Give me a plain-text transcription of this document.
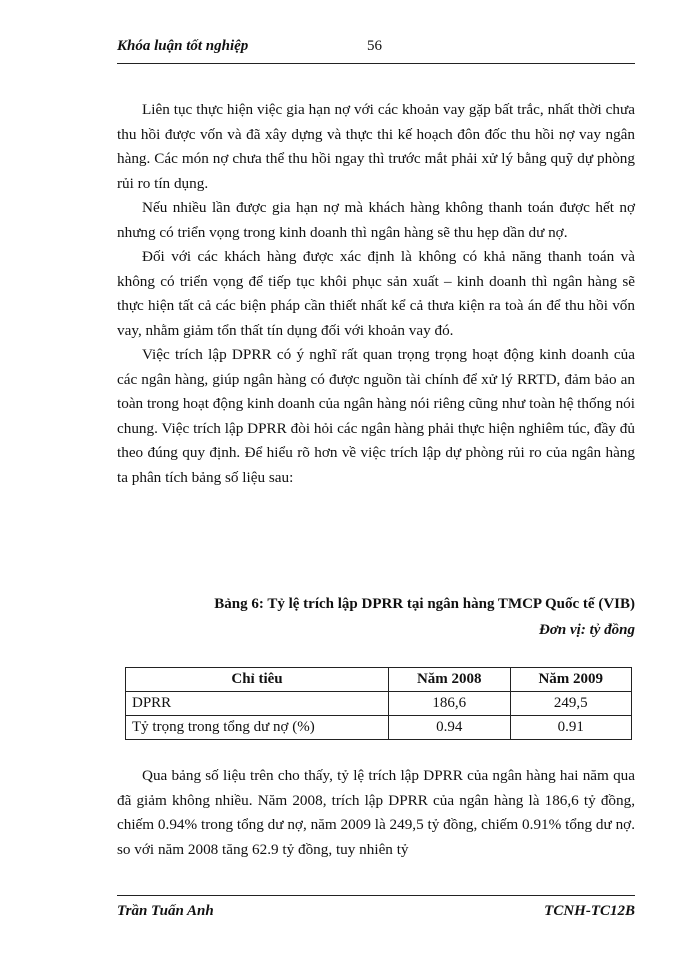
Khóa luận tốt nghiệp	56

Liên tục thực hiện việc gia hạn nợ với các khoản vay gặp bất trắc, nhất thời chưa thu hồi được vốn và đã xây dựng và thực thi kế hoạch đôn đốc thu hồi nợ vay ngân hàng. Các món nợ chưa thể thu hồi ngay thì trước mắt phải xử lý bằng quỹ dự phòng rủi ro tín dụng.

Nếu nhiều lần được gia hạn nợ mà khách hàng không thanh toán được hết nợ nhưng có triển vọng trong kinh doanh thì ngân hàng sẽ thu hẹp dần dư nợ.

Đối với các khách hàng được xác định là không có khả năng thanh toán và không có triển vọng để tiếp tục khôi phục sản xuất – kinh doanh thì ngân hàng sẽ thực hiện tất cả các biện pháp cần thiết nhất kể cả thưa kiện ra toà án để thu hồi vốn vay, nhằm giảm tổn thất tín dụng đối với khoản vay đó.

Việc trích lập DPRR có ý nghĩ rất quan trọng trọng hoạt động kinh doanh của các ngân hàng, giúp ngân hàng có được nguồn tài chính để xử lý RRTD, đảm bảo an toàn trong hoạt động kinh doanh của ngân hàng nói riêng cũng như toàn hệ thống nói chung. Việc trích lập DPRR đòi hỏi các ngân hàng phải thực hiện nghiêm túc, đầy đủ theo đúng quy định. Để hiểu rõ hơn về việc trích lập dự phòng rủi ro của ngân hàng ta phân tích bảng số liệu sau:

Bảng 6: Tỷ lệ trích lập DPRR tại ngân hàng TMCP Quốc tế (VIB)
Đơn vị: tỷ đồng
Chỉ tiêu	Năm 2008	Năm 2009
DPRR	186,6	249,5
Tỷ trọng trong tổng dư nợ (%)	0.94	0.91

Qua bảng số liệu trên cho thấy, tỷ lệ trích lập DPRR của ngân hàng hai năm qua đã giảm không nhiều. Năm 2008, trích lập DPRR của ngân hàng là 186,6 tỷ đồng, chiếm 0.94% trong tổng dư nợ, năm 2009 là 249,5 tỷ đồng, chiếm 0.91% tổng dư nợ. so với năm 2008 tăng 62.9 tỷ đồng, tuy nhiên tỷ

Trần Tuấn Anh	TCNH-TC12B
